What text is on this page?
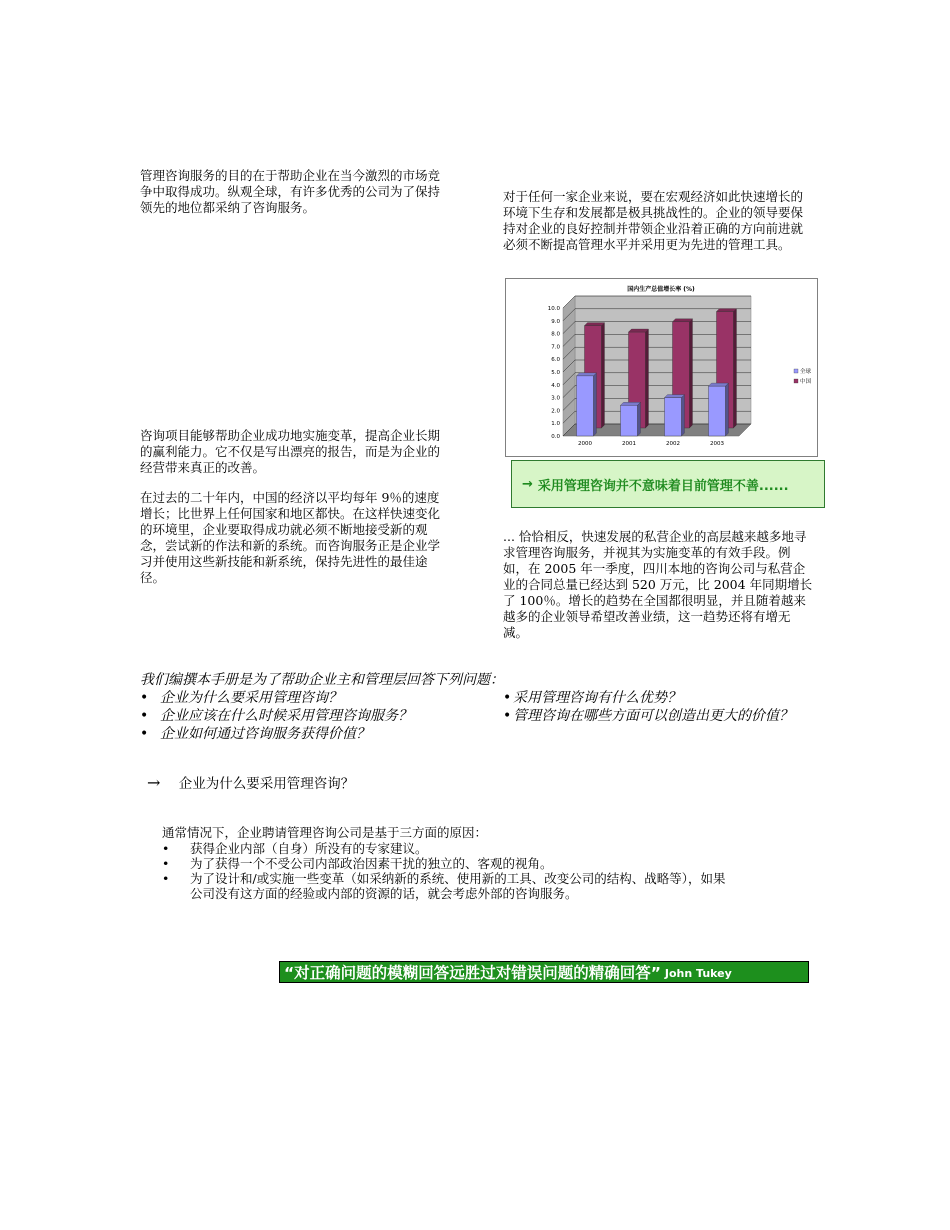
管理咨询服务的目的在于帮助企业在当今激烈的市场竞争中取得成功。纵观全球，有许多优秀的公司为了保持领先的地位都采纳了咨询服务。

咨询项目能够帮助企业成功地实施变革，提高企业长期的赢利能力。它不仅是写出漂亮的报告，而是为企业的经营带来真正的改善。

在过去的二十年内，中国的经济以平均每年 9％的速度增长；比世界上任何国家和地区都快。在这样快速变化的环境里，企业要取得成功就必须不断地接受新的观念，尝试新的作法和新的系统。而咨询服务正是企业学习并使用这些新技能和新系统，保持先进性的最佳途径。

对于任何一家企业来说，要在宏观经济如此快速增长的环境下生存和发展都是极具挑战性的。企业的领导要保持对企业的良好控制并带领企业沿着正确的方向前进就必须不断提高管理水平并采用更为先进的管理工具。

国内生产总值增长率 (%)
0.0
1.0
2.0
3.0
4.0
5.0
6.0
7.0
8.0
9.0
10.0
2000	2001	2002	2003
全球
中国
→ 采用管理咨询并不意味着目前管理不善......

... 恰恰相反，快速发展的私营企业的高层越来越多地寻求管理咨询服务，并视其为实施变革的有效手段。例如，在 2005 年一季度，四川本地的咨询公司与私营企业的合同总量已经达到 520 万元，比 2004 年同期增长了 100％。增长的趋势在全国都很明显，并且随着越来越多的企业领导希望改善业绩，这一趋势还将有增无减。

我们编撰本手册是为了帮助企业主和管理层回答下列问题：
• 企业为什么要采用管理咨询？
• 企业应该在什么时候采用管理咨询服务？
• 企业如何通过咨询服务获得价值？
• 采用管理咨询有什么优势？
• 管理咨询在哪些方面可以创造出更大的价值？
→ 企业为什么要采用管理咨询？
通常情况下，企业聘请管理咨询公司是基于三方面的原因：
• 获得企业内部（自身）所没有的专家建议。
• 为了获得一个不受公司内部政治因素干扰的独立的、客观的视角。
• 为了设计和/或实施一些变革（如采纳新的系统、使用新的工具、改变公司的结构、战略等），如果
公司没有这方面的经验或内部的资源的话，就会考虑外部的咨询服务。
“对正确问题的模糊回答远胜过对错误问题的精确回答” John Tukey
